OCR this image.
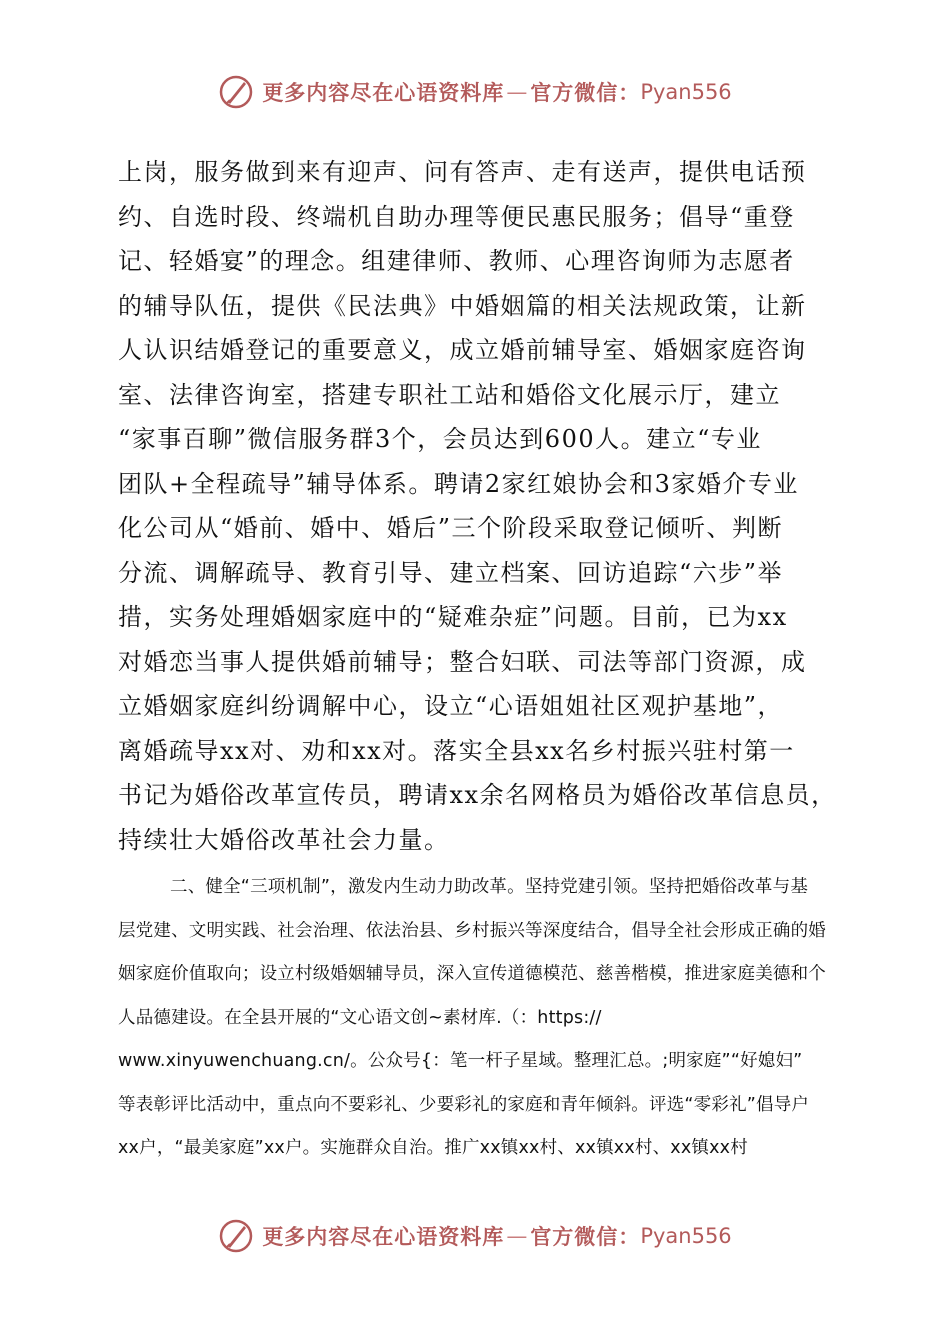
更多内容尽在心语资料库 — 官方微信： Pyan556
上岗，服务做到来有迎声、问有答声、走有送声，提供电话预
约、自选时段、终端机自助办理等便民惠民服务；倡导“重登
记、轻婚宴”的理念。组建律师、教师、心理咨询师为志愿者
的辅导队伍，提供《民法典》中婚姻篇的相关法规政策，让新
人认识结婚登记的重要意义，成立婚前辅导室、婚姻家庭咨询
室、法律咨询室，搭建专职社工站和婚俗文化展示厅，建立
“家事百聊”微信服务群3个，会员达到600人。建立“专业
团队+全程疏导”辅导体系。聘请2家红娘协会和3家婚介专业
化公司从“婚前、婚中、婚后”三个阶段采取登记倾听、判断
分流、调解疏导、教育引导、建立档案、回访追踪“六步”举
措，实务处理婚姻家庭中的“疑难杂症”问题。目前，已为xx
对婚恋当事人提供婚前辅导；整合妇联、司法等部门资源，成
立婚姻家庭纠纷调解中心，设立“心语姐姐社区观护基地”，
离婚疏导xx对、劝和xx对。落实全县xx名乡村振兴驻村第一
书记为婚俗改革宣传员，聘请xx余名网格员为婚俗改革信息员，
持续壮大婚俗改革社会力量。
二、健全“三项机制”，激发内生动力助改革。坚持党建引领。坚持把婚俗改革与基
层党建、文明实践、社会治理、依法治县、乡村振兴等深度结合，倡导全社会形成正确的婚
姻家庭价值取向；设立村级婚姻辅导员，深入宣传道德模范、慈善楷模，推进家庭美德和个
人品德建设。在全县开展的“文心语文创~素材库.（：https://
www.xinyuwenchuang.cn/。公众号{：笔一杆子星域。整理汇总。;明家庭”“好媳妇”
等表彰评比活动中，重点向不要彩礼、少要彩礼的家庭和青年倾斜。评选“零彩礼”倡导户
xx户，“最美家庭”xx户。实施群众自治。推广xx镇xx村、xx镇xx村、xx镇xx村
更多内容尽在心语资料库 — 官方微信： Pyan556
